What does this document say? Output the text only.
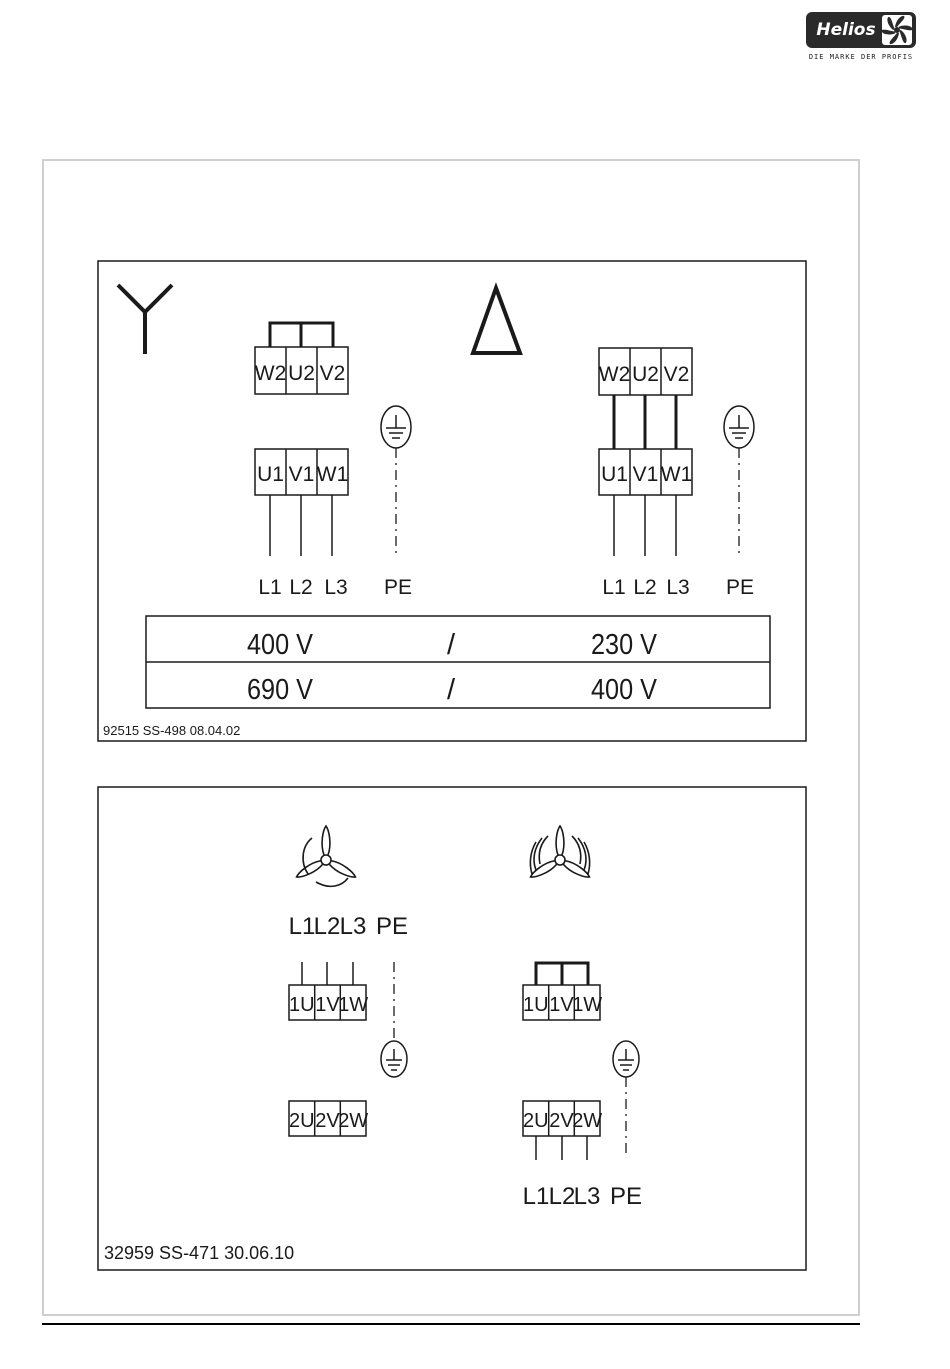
Helios
DIE MARKE DER PROFIS
W2 U2 V2
U1 V1 W1
L1 L2 L3 PE
W2 U2 V2
U1 V1 W1
L1 L2 L3 PE
400 V	/	230 V
690 V	/	400 V
92515 SS-498 08.04.02
L1
L2 L3 PE
1U 1V
1W
2U 2V
2W
1U 1V
1W
2U 2V
2W
L1 L2
L3 PE
32959 SS-471 30.06.10
